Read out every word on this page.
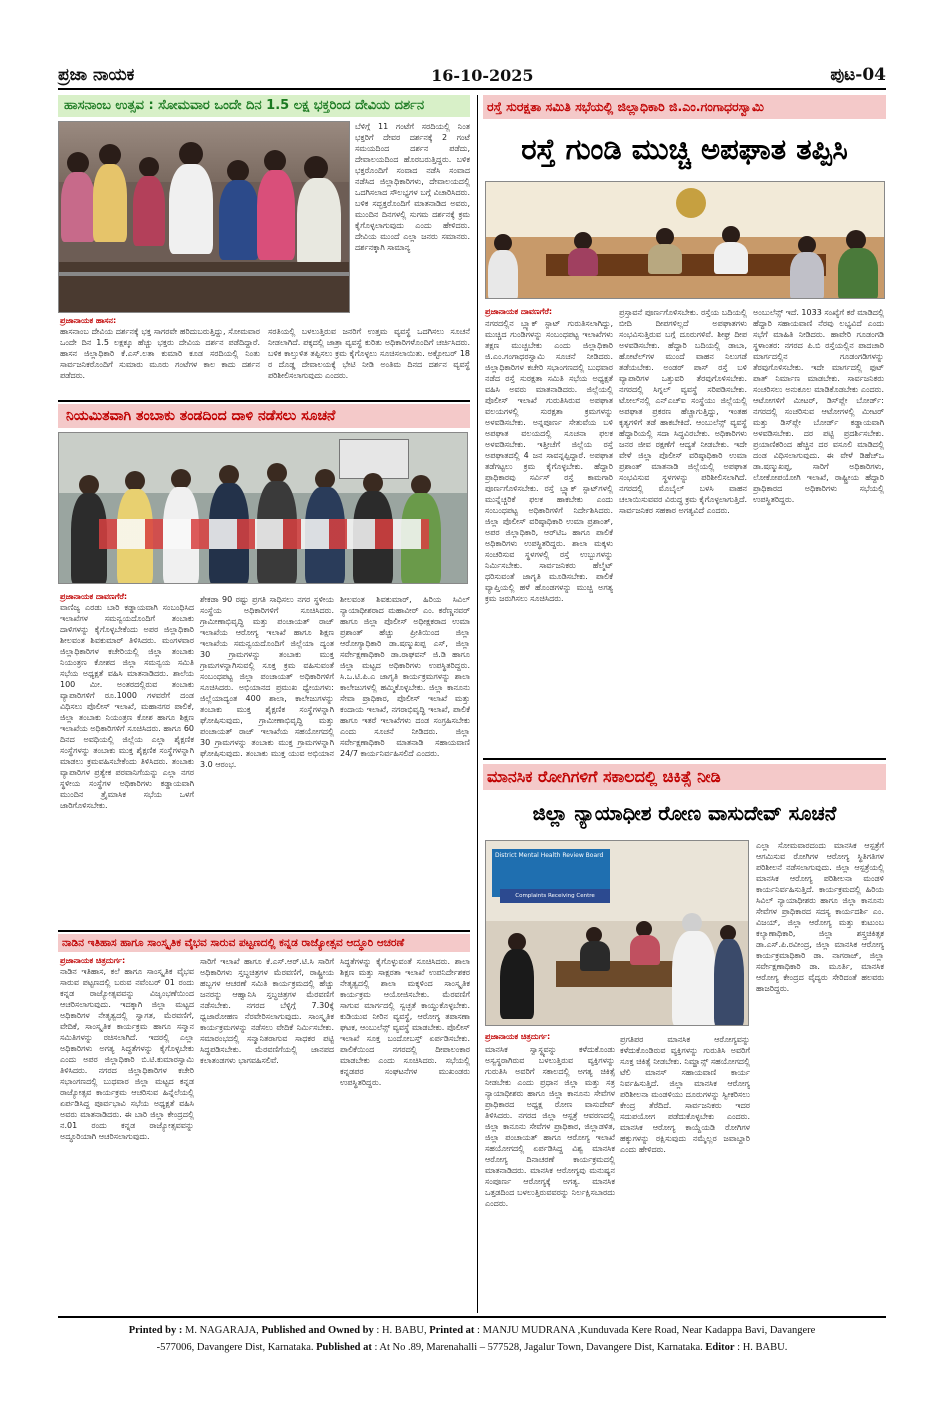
ಪ್ರಜಾ ನಾಯಕ	16-10-2025	ಪುಟ-04
ಹಾಸನಾಂಬ ಉತ್ಸವ : ಸೋಮವಾರ ಒಂದೇ ದಿನ 1.5 ಲಕ್ಷ ಭಕ್ತರಿಂದ ದೇವಿಯ ದರ್ಶನ
ಬೆಳಿಗ್ಗೆ 11 ಗಂಟೆಗೆ ಸರದಿಯಲ್ಲಿ ನಿಂತ ಭಕ್ತರಿಗೆ ದೇವರ ದರ್ಶನಕ್ಕೆ 2 ಗಂಟೆ ಸಮಯದಿಂದ ದರ್ಶನ ಪಡೆದು, ದೇವಾಲಯದಿಂದ ಹೊರಬರುತ್ತಿದ್ದರು. ಬಳಿಕ ಭಕ್ತರೊಂದಿಗೆ ಸಂವಾದ ನಡೆಸಿ ಸಂವಾದ ನಡೆಸಿದ ಜಿಲ್ಲಾಧಿಕಾರಿಗಳು, ದೇವಾಲಯದಲ್ಲಿ ಒದಗಿಸಲಾದ ಸೌಲಭ್ಯಗಳ ಬಗ್ಗೆ ವಿಚಾರಿಸಿದರು. ಬಳಿಕ ಸದ್ಭಕ್ತರೊಂದಿಗೆ ಮಾತನಾಡಿದ ಅವರು, ಮುಂದಿನ ದಿನಗಳಲ್ಲಿ ಸುಗಮ ದರ್ಶನಕ್ಕೆ ಕ್ರಮ ಕೈಗೊಳ್ಳಲಾಗುವುದು ಎಂದು ಹೇಳಿದರು. ದೇವಿಯ ಮುಂದೆ ಎಲ್ಲಾ ಜನರು ಸಮಾನರು. ದರ್ಶನಕ್ಕಾಗಿ ಸಾಮಾನ್ಯ
ಪ್ರಜಾನಾಯಕ ಹಾಸನ:
ಹಾಸನಾಂಬ ದೇವಿಯ ದರ್ಶನಕ್ಕೆ ಭಕ್ತ ಸಾಗರವೇ ಹರಿದುಬರುತ್ತಿದ್ದು, ಸೋಮವಾರ ಒಂದೇ ದಿನ 1.5 ಲಕ್ಷಕ್ಕೂ ಹೆಚ್ಚು ಭಕ್ತರು ದೇವಿಯ ದರ್ಶನ ಪಡೆದಿದ್ದಾರೆ. ಹಾಸನ ಜಿಲ್ಲಾಧಿಕಾರಿ ಕೆ.ಎಸ್.ಲತಾ ಕುಮಾರಿ ಕೂಡ ಸರದಿಯಲ್ಲಿ ನಿಂತು ಸಾರ್ವಜನಿಕರೊಂದಿಗೆ ಸುಮಾರು ಮೂರು ಗಂಟೆಗಳ ಕಾಲ ಕಾದು ದರ್ಶನ ಪಡೆದರು.
ಸರತಿಯಲ್ಲಿ ಬಳಲುತ್ತಿರುವ ಜನರಿಗೆ ಉತ್ತಮ ವ್ಯವಸ್ಥೆ ಒದಗಿಸಲು ಸೂಚನೆ ನೀಡಲಾಗಿದೆ. ಪಕ್ಕದಲ್ಲಿ ಜಾತ್ರಾ ವ್ಯವಸ್ಥೆ ಕುರಿತು ಅಧಿಕಾರಿಗಳೊಂದಿಗೆ ಚರ್ಚಿಸಿದರು. ಬಳಿಕ ಕಾಲ್ತುಳಿತ ತಪ್ಪಿಸಲು ಕ್ರಮ ಕೈಗೊಳ್ಳಲು ಸೂಚಿಸಲಾಯಿತು. ಅಕ್ಟೋಬರ್ 18 ರ ದೊಡ್ಡ ದೇವಾಲಯಕ್ಕೆ ಭೇಟಿ ನೀಡಿ ಅಂತಿಮ ದಿನದ ದರ್ಶನ ವ್ಯವಸ್ಥೆ ಪರಿಶೀಲಿಸಲಾಗುವುದು ಎಂದರು.
ನಿಯಮಿತವಾಗಿ ತಂಬಾಕು ತಂಡದಿಂದ ದಾಳಿ ನಡೆಸಲು ಸೂಚನೆ
ಪ್ರಜಾನಾಯಕ ದಾವಣಗೆರೆ:
ವಾಣಿಜ್ಯ ಎರಡು ಬಾರಿ ಕಡ್ಡಾಯವಾಗಿ ಸಂಬಂಧಿಸಿದ ಇಲಾಖೆಗಳ ಸಮನ್ವಯದೊಂದಿಗೆ ತಂಬಾಕು ದಾಳಿಗಳನ್ನು ಕೈಗೊಳ್ಳಬೇಕೆಂದು ಅಪರ ಜಿಲ್ಲಾಧಿಕಾರಿ ಶೀಲವಂತ ಶಿವಕುಮಾರ್ ತಿಳಿಸಿದರು. ಮಂಗಳವಾರ ಜಿಲ್ಲಾಧಿಕಾರಿಗಳ ಕಚೇರಿಯಲ್ಲಿ ಜಿಲ್ಲಾ ತಂಬಾಕು ನಿಯಂತ್ರಣ ಕೋಶದ ಜಿಲ್ಲಾ ಸಮನ್ವಯ ಸಮಿತಿ ಸಭೆಯ ಅಧ್ಯಕ್ಷತೆ ವಹಿಸಿ ಮಾತನಾಡಿದರು. ಶಾಲೆಯ 100 ಮೀ. ಅಂತರದಲ್ಲಿರುವ ತಂಬಾಕು ವ್ಯಾಪಾರಿಗಳಿಗೆ ರೂ.1000 ಗಳವರೆಗೆ ದಂಡ ವಿಧಿಸಲು ಪೊಲೀಸ್ ಇಲಾಖೆ, ಮಹಾನಗರ ಪಾಲಿಕೆ, ಜಿಲ್ಲಾ ತಂಬಾಕು ನಿಯಂತ್ರಣ ಕೋಶ ಹಾಗೂ ಶಿಕ್ಷಣ ಇಲಾಖೆಯ ಅಧಿಕಾರಿಗಳಿಗೆ ಸೂಚಿಸಿದರು. ಹಾಗೂ 60 ದಿನದ ಅವಧಿಯಲ್ಲಿ ಜಿಲ್ಲೆಯ ಎಲ್ಲಾ ಶೈಕ್ಷಣಿಕ ಸಂಸ್ಥೆಗಳನ್ನು ತಂಬಾಕು ಮುಕ್ತ ಶೈಕ್ಷಣಿಕ ಸಂಸ್ಥೆಗಳನ್ನಾಗಿ ಮಾಡಲು ಕ್ರಮವಹಿಸಬೇಕೆಂದು ತಿಳಿಸಿದರು. ತಂಬಾಕು ವ್ಯಾಪಾರಿಗಳ ಪ್ರತ್ಯೇಕ ಪರವಾನಿಗೆಯನ್ನು ಎಲ್ಲಾ ನಗರ ಸ್ಥಳೀಯ ಸಂಸ್ಥೆಗಳ ಅಧಿಕಾರಿಗಳು ಕಡ್ಡಾಯವಾಗಿ ಮುಂದಿನ ತ್ರೈಮಾಸಿಕ ಸಭೆಯ ಒಳಗೆ ಜಾರಿಗೊಳಿಸಬೇಕು.
ಶೇಕಡಾ 90 ರಷ್ಟು ಪ್ರಗತಿ ಸಾಧಿಸಲು ನಗರ ಸ್ಥಳೀಯ ಸಂಸ್ಥೆಯ ಅಧಿಕಾರಿಗಳಿಗೆ ಸೂಚಿಸಿದರು. ಗ್ರಾಮೀಣಾಭಿವೃದ್ಧಿ ಮತ್ತು ಪಂಚಾಯತ್ ರಾಜ್ ಇಲಾಖೆಯ ಆರೋಗ್ಯ ಇಲಾಖೆ ಹಾಗೂ ಶಿಕ್ಷಣ ಇಲಾಖೆಯ ಸಮನ್ವಯದೊಂದಿಗೆ ಜಿಲ್ಲೆಯಾ ದ್ಯಂತ 30 ಗ್ರಾಮಗಳನ್ನು ತಂಬಾಕು ಮುಕ್ತ ಗ್ರಾಮಗಳನ್ನಾಗಿಸುವಲ್ಲಿ ಸೂಕ್ತ ಕ್ರಮ ವಹಿಸುವಂತೆ ಸಂಬಂಧಪಟ್ಟ ಜಿಲ್ಲಾ ಪಂಚಾಯತ್ ಅಧಿಕಾರಿಗಳಿಗೆ ಸೂಚಿಸಿದರು. ಅಭಿಯಾನದ ಪ್ರಮುಖ ಧ್ಯೇಯಗಳು: ಜಿಲ್ಲೆಯಾದ್ಯಂತ 400 ಶಾಲಾ, ಕಾಲೇಜುಗಳನ್ನು ತಂಬಾಕು ಮುಕ್ತ ಶೈಕ್ಷಣಿಕ ಸಂಸ್ಥೆಗಳನ್ನಾಗಿ ಘೋಷಿಸುವುದು, ಗ್ರಾಮೀಣಾಭಿವೃದ್ಧಿ ಮತ್ತು ಪಂಚಾಯತ್ ರಾಜ್ ಇಲಾಖೆಯ ಸಹಯೋಗದಲ್ಲಿ 30 ಗ್ರಾಮಗಳನ್ನು ತಂಬಾಕು ಮುಕ್ತ ಗ್ರಾಮಗಳನ್ನಾಗಿ ಘೋಷಿಸುವುದು. ತಂಬಾಕು ಮುಕ್ತ ಯುವ ಅಭಿಯಾನ 3.0 ಆರಂಭ.
ಶೀಲವಂತ ಶಿವಕುಮಾರ್, ಹಿರಿಯ ಸಿವಿಲ್ ನ್ಯಾಯಾಧೀಶರಾದ ಮಹಾವೀರ್ ಎಂ. ಕರೆಣ್ಣನವರ್ ಹಾಗೂ ಜಿಲ್ಲಾ ಪೊಲೀಸ್ ಅಧೀಕ್ಷಕರಾದ ಉಮಾ ಪ್ರಶಾಂತ್ ಹೆಚ್ಚು ಪ್ರೀತಿಯಿಂದ ಜಿಲ್ಲಾ ಆರೋಗ್ಯಾಧಿಕಾರಿ ಡಾ.ಷಣ್ಮುಖಪ್ಪ ಎಸ್, ಜಿಲ್ಲಾ ಸರ್ವೇಕ್ಷಣಾಧಿಕಾರಿ ಡಾ.ರಾಘವನ್ ಜಿ.ಡಿ ಹಾಗೂ ಜಿಲ್ಲಾ ಮಟ್ಟದ ಅಧಿಕಾರಿಗಳು ಉಪಸ್ಥಿತರಿದ್ದರು. ಸಿ.ಒ.ಟಿ.ಪಿ.ಎ ಜಾಗೃತಿ ಕಾರ್ಯಕ್ರಮಗಳನ್ನು ಶಾಲಾ ಕಾಲೇಜುಗಳಲ್ಲಿ ಹಮ್ಮಿಕೊಳ್ಳಬೇಕು. ಜಿಲ್ಲಾ ಕಾನೂನು ಸೇವಾ ಪ್ರಾಧಿಕಾರ, ಪೊಲೀಸ್ ಇಲಾಖೆ ಮತ್ತು ಕಂದಾಯ ಇಲಾಖೆ, ನಗರಾಭಿವೃದ್ಧಿ ಇಲಾಖೆ, ಪಾಲಿಕೆ ಹಾಗೂ ಇತರೆ ಇಲಾಖೆಗಳು ದಂಡ ಸಂಗ್ರಹಿಸಬೇಕು ಎಂದು ಸೂಚನೆ ನೀಡಿದರು. ಜಿಲ್ಲಾ ಸರ್ವೇಕ್ಷಣಾಧಿಕಾರಿ ಮಾತನಾಡಿ ಸಹಾಯವಾಣಿ 24/7 ಕಾರ್ಯನಿರ್ವಹಿಸಲಿದೆ ಎಂದರು.
ನಾಡಿನ ಇತಿಹಾಸ ಹಾಗೂ ಸಾಂಸ್ಕೃತಿಕ ವೈಭವ ಸಾರುವ ಪಟ್ಟಣದಲ್ಲಿ ಕನ್ನಡ ರಾಜ್ಯೋತ್ಸವ ಆದ್ಧೂರಿ ಆಚರಣೆ
ಪ್ರಜಾನಾಯಕ ಚಿತ್ರದುರ್ಗ:
ನಾಡಿನ ಇತಿಹಾಸ, ಕಲೆ ಹಾಗೂ ಸಾಂಸ್ಕೃತಿಕ ವೈಭವ ಸಾರುವ ಪಟ್ಟಣದಲ್ಲಿ ಬರುವ ನವೆಂಬರ್ 01 ರಂದು ಕನ್ನಡ ರಾಜ್ಯೋತ್ಸವವನ್ನು ವಿಜೃಂಭಣೆಯಿಂದ ಆಚರಿಸಲಾಗುವುದು. ಇದಕ್ಕಾಗಿ ಜಿಲ್ಲಾ ಮಟ್ಟದ ಅಧಿಕಾರಿಗಳ ನೇತೃತ್ವದಲ್ಲಿ ಸ್ವಾಗತ, ಮೆರವಣಿಗೆ, ವೇದಿಕೆ, ಸಾಂಸ್ಕೃತಿಕ ಕಾರ್ಯಕ್ರಮ ಹಾಗೂ ಸನ್ಮಾನ ಸಮಿತಿಗಳನ್ನು ರಚಿಸಲಾಗಿದೆ. ಇದರಲ್ಲಿ ಎಲ್ಲಾ ಅಧಿಕಾರಿಗಳು ಅಗತ್ಯ ಸಿದ್ಧತೆಗಳನ್ನು ಕೈಗೊಳ್ಳಬೇಕು ಎಂದು ಅಪರ ಜಿಲ್ಲಾಧಿಕಾರಿ ಬಿ.ಟಿ.ಕುಮಾರಸ್ವಾಮಿ ತಿಳಿಸಿದರು. ನಗರದ ಜಿಲ್ಲಾಧಿಕಾರಿಗಳ ಕಚೇರಿ ಸಭಾಂಗಣದಲ್ಲಿ ಬುಧವಾರ ಜಿಲ್ಲಾ ಮಟ್ಟದ ಕನ್ನಡ ರಾಜ್ಯೋತ್ಸವ ಕಾರ್ಯಕ್ರಮ ಆಚರಿಸುವ ಹಿನ್ನೆಲೆಯಲ್ಲಿ ಏರ್ಪಡಿಸಿದ್ದ ಪೂರ್ವಭಾವಿ ಸಭೆಯ ಅಧ್ಯಕ್ಷತೆ ವಹಿಸಿ ಅವರು ಮಾತನಾಡಿದರು. ಈ ಬಾರಿ ಜಿಲ್ಲಾ ಕೇಂದ್ರದಲ್ಲಿ ನ.01 ರಂದು ಕನ್ನಡ ರಾಜ್ಯೋತ್ಸವವನ್ನು ಅದ್ಧೂರಿಯಾಗಿ ಆಚರಿಸಲಾಗುವುದು.
ಸಾರಿಗೆ ಇಲಾಖೆ ಹಾಗೂ ಕೆ.ಎಸ್.ಆರ್.ಟಿ.ಸಿ ಸಾರಿಗೆ ಅಧಿಕಾರಿಗಳು ಸ್ತಬ್ಧಚಿತ್ರಗಳ ಮೆರವಣಿಗೆ, ರಾಷ್ಟ್ರೀಯ ಹಬ್ಬಗಳ ಆಚರಣೆ ಸಮಿತಿ ಕಾರ್ಯಕ್ರಮದಲ್ಲಿ ಹೆಚ್ಚು ಜನರನ್ನು ಆಹ್ವಾನಿಸಿ ಸ್ತಬ್ಧಚಿತ್ರಗಳ ಮೆರವಣಿಗೆ ನಡೆಸಬೇಕು. ನಗರದ ಬೆಳ್ಳಿಗ್ಗೆ 7.30ಕ್ಕೆ ಧ್ವಜಾರೋಹಣ ನೆರವೇರಿಸಲಾಗುವುದು. ಸಾಂಸ್ಕೃತಿಕ ಕಾರ್ಯಕ್ರಮಗಳನ್ನು ನಡೆಸಲು ವೇದಿಕೆ ನಿರ್ಮಿಸಬೇಕು. ಸಮಾರಂಭದಲ್ಲಿ ಸನ್ಮಾನಿತರಾಗುವ ಸಾಧಕರ ಪಟ್ಟಿ ಸಿದ್ಧಪಡಿಸಬೇಕು. ಮೆರವಣಿಗೆಯಲ್ಲಿ ಜಾನಪದ ಕಲಾತಂಡಗಳು ಭಾಗವಹಿಸಲಿವೆ.
ಸಿದ್ಧತೆಗಳನ್ನು ಕೈಗೊಳ್ಳುವಂತೆ ಸೂಚಿಸಿದರು. ಶಾಲಾ ಶಿಕ್ಷಣ ಮತ್ತು ಸಾಕ್ಷರತಾ ಇಲಾಖೆ ಉಪನಿರ್ದೇಶಕರ ನೇತೃತ್ವದಲ್ಲಿ ಶಾಲಾ ಮಕ್ಕಳಿಂದ ಸಾಂಸ್ಕೃತಿಕ ಕಾರ್ಯಕ್ರಮ ಆಯೋಜಿಸಬೇಕು. ಮೆರವಣಿಗೆ ಸಾಗುವ ಮಾರ್ಗದಲ್ಲಿ ಸ್ವಚ್ಛತೆ ಕಾಯ್ದುಕೊಳ್ಳಬೇಕು. ಕುಡಿಯುವ ನೀರಿನ ವ್ಯವಸ್ಥೆ, ಆರೋಗ್ಯ ತಪಾಸಣಾ ಘಟಕ, ಆಂಬುಲೆನ್ಸ್ ವ್ಯವಸ್ಥೆ ಮಾಡಬೇಕು. ಪೊಲೀಸ್ ಇಲಾಖೆ ಸೂಕ್ತ ಬಂದೋಬಸ್ತ್ ಏರ್ಪಡಿಸಬೇಕು. ಪಾಲಿಕೆಯಿಂದ ನಗರದಲ್ಲಿ ದೀಪಾಲಂಕಾರ ಮಾಡಬೇಕು ಎಂದು ಸೂಚಿಸಿದರು. ಸಭೆಯಲ್ಲಿ ಕನ್ನಡಪರ ಸಂಘಟನೆಗಳ ಮುಖಂಡರು ಉಪಸ್ಥಿತರಿದ್ದರು.
ರಸ್ತೆ ಸುರಕ್ಷತಾ ಸಮಿತಿ ಸಭೆಯಲ್ಲಿ ಜಿಲ್ಲಾಧಿಕಾರಿ ಜಿ.ಎಂ.ಗಂಗಾಧರಸ್ವಾಮಿ
ರಸ್ತೆ ಗುಂಡಿ ಮುಚ್ಚಿ ಅಪಘಾತ ತಪ್ಪಿಸಿ
ಪ್ರಜಾನಾಯಕ ದಾವಣಗೆರೆ:
ನಗರದಲ್ಲಿನ ಬ್ಲ್ಯಾಕ್ ಸ್ಪಾಟ್ ಗುರುತಿಸಲಾಗಿದ್ದು, ಮುಚ್ಚಿದ ಗುಂಡಿಗಳನ್ನು ಸಂಬಂಧಪಟ್ಟ ಇಲಾಖೆಗಳು ತಕ್ಷಣ ಮುಚ್ಚಬೇಕು ಎಂದು ಜಿಲ್ಲಾಧಿಕಾರಿ ಜಿ.ಎಂ.ಗಂಗಾಧರಸ್ವಾಮಿ ಸೂಚನೆ ನೀಡಿದರು. ಜಿಲ್ಲಾಧಿಕಾರಿಗಳ ಕಚೇರಿ ಸಭಾಂಗಣದಲ್ಲಿ ಬುಧವಾರ ನಡೆದ ರಸ್ತೆ ಸುರಕ್ಷತಾ ಸಮಿತಿ ಸಭೆಯ ಅಧ್ಯಕ್ಷತೆ ವಹಿಸಿ ಅವರು ಮಾತನಾಡಿದರು. ಜಿಲ್ಲೆಯಲ್ಲಿ ಪೊಲೀಸ್ ಇಲಾಖೆ ಗುರುತಿಸಿರುವ ಅಪಘಾತ ವಲಯಗಳಲ್ಲಿ ಸುರಕ್ಷತಾ ಕ್ರಮಗಳನ್ನು ಅಳವಡಿಸಬೇಕು. ಅನ್ನಪೂರ್ಣ ಸೇತುವೆಯ ಬಳಿ ಅಪಘಾತ ವಲಯದಲ್ಲಿ ಸೂಚನಾ ಫಲಕ ಅಳವಡಿಸಬೇಕು. ಇತ್ತೀಚೆಗೆ ಜಿಲ್ಲೆಯ ರಸ್ತೆ ಅಪಘಾತದಲ್ಲಿ 4 ಜನ ಸಾವನ್ನಪ್ಪಿದ್ದಾರೆ. ಅಪಘಾತ ತಡೆಗಟ್ಟಲು ಕ್ರಮ ಕೈಗೊಳ್ಳಬೇಕು. ಹೆದ್ದಾರಿ ಪ್ರಾಧಿಕಾರವು ಸರ್ವಿಸ್ ರಸ್ತೆ ಕಾಮಗಾರಿ ಪೂರ್ಣಗೊಳಿಸಬೇಕು. ರಸ್ತೆ ಬ್ಲ್ಯಾಕ್ ಸ್ಪಾಟ್‌ಗಳಲ್ಲಿ ಮುನ್ನೆಚ್ಚರಿಕೆ ಫಲಕ ಹಾಕಬೇಕು ಎಂದು ಸಂಬಂಧಪಟ್ಟ ಅಧಿಕಾರಿಗಳಿಗೆ ನಿರ್ದೇಶಿಸಿದರು. ಜಿಲ್ಲಾ ಪೊಲೀಸ್ ವರಿಷ್ಠಾಧಿಕಾರಿ ಉಮಾ ಪ್ರಶಾಂತ್, ಅಪರ ಜಿಲ್ಲಾಧಿಕಾರಿ, ಆರ್‌ಟಿಒ ಹಾಗೂ ಪಾಲಿಕೆ ಅಧಿಕಾರಿಗಳು ಉಪಸ್ಥಿತರಿದ್ದರು. ಶಾಲಾ ಮಕ್ಕಳು ಸಂಚರಿಸುವ ಸ್ಥಳಗಳಲ್ಲಿ ರಸ್ತೆ ಉಬ್ಬುಗಳನ್ನು ನಿರ್ಮಿಸಬೇಕು. ಸಾರ್ವಜನಿಕರು ಹೆಲ್ಮೆಟ್ ಧರಿಸುವಂತೆ ಜಾಗೃತಿ ಮೂಡಿಸಬೇಕು. ಪಾಲಿಕೆ ವ್ಯಾಪ್ತಿಯಲ್ಲಿ ಹಳೆ ಹೊಂಡಗಳನ್ನು ಮುಚ್ಚಿ ಅಗತ್ಯ ಕ್ರಮ ಜರುಗಿಸಲು ಸೂಚಿಸಿದರು.
ಪ್ರಸ್ತಾವನೆ ಪೂರ್ಣಗೊಳಿಸಬೇಕು. ರಸ್ತೆಯ ಬದಿಯಲ್ಲಿ ಬೀದಿ ದೀಪಗಳಿಲ್ಲದೆ ಅಪಘಾತಗಳು ಸಂಭವಿಸುತ್ತಿರುವ ಬಗ್ಗೆ ದೂರುಗಳಿವೆ. ಶೀಘ್ರ ದೀಪ ಅಳವಡಿಸಬೇಕು. ಹೆದ್ದಾರಿ ಬದಿಯಲ್ಲಿ ಡಾಬಾ, ಹೋಟೆಲ್‌ಗಳ ಮುಂದೆ ವಾಹನ ನಿಲುಗಡೆ ತಡೆಯಬೇಕು. ಅಂಡರ್ ಪಾಸ್ ರಸ್ತೆ ಬಳಿ ವ್ಯಾಪಾರಿಗಳ ಒತ್ತುವರಿ ತೆರವುಗೊಳಿಸಬೇಕು. ನಗರದಲ್ಲಿ ಸಿಗ್ನಲ್ ವ್ಯವಸ್ಥೆ ಸರಿಪಡಿಸಬೇಕು. ಟೋಲ್‌ನಲ್ಲಿ ಎನ್‌ಎಚ್ಐ ಸಂಸ್ಥೆಯು ಜಿಲ್ಲೆಯಲ್ಲಿ ಅಪಘಾತ ಪ್ರಕರಣ ಹೆಚ್ಚಾಗುತ್ತಿದ್ದು, ಇಂತಹ ಕೃತ್ಯಗಳಿಗೆ ತಡೆ ಹಾಕಬೇಕಿದೆ. ಆಂಬುಲೆನ್ಸ್ ವ್ಯವಸ್ಥೆ ಹೆದ್ದಾರಿಯಲ್ಲಿ ಸದಾ ಸಿದ್ಧವಿರಬೇಕು. ಅಧಿಕಾರಿಗಳು ಜನರ ಜೀವ ರಕ್ಷಣೆಗೆ ಆದ್ಯತೆ ನೀಡಬೇಕು. ಇದೇ ವೇಳೆ ಜಿಲ್ಲಾ ಪೊಲೀಸ್ ವರಿಷ್ಠಾಧಿಕಾರಿ ಉಮಾ ಪ್ರಶಾಂತ್ ಮಾತನಾಡಿ ಜಿಲ್ಲೆಯಲ್ಲಿ ಅಪಘಾತ ಸಂಭವಿಸುವ ಸ್ಥಳಗಳನ್ನು ಪರಿಶೀಲಿಸಲಾಗಿದೆ. ನಗರದಲ್ಲಿ ಮೊಬೈಲ್ ಬಳಸಿ ವಾಹನ ಚಲಾಯಿಸುವವರ ವಿರುದ್ಧ ಕ್ರಮ ಕೈಗೊಳ್ಳಲಾಗುತ್ತಿದೆ. ಸಾರ್ವಜನಿಕರ ಸಹಕಾರ ಅಗತ್ಯವಿದೆ ಎಂದರು.
ಅಂಬುಲೆನ್ಸ್ ಇದೆ. 1033 ಸಂಖ್ಯೆಗೆ ಕರೆ ಮಾಡಿದಲ್ಲಿ ಹೆದ್ದಾರಿ ಸಹಾಯವಾಣಿ ನೆರವು ಲಭ್ಯವಿದೆ ಎಂದು ಸಭೆಗೆ ಮಾಹಿತಿ ನೀಡಿದರು. ಹಾವೇರಿ ಗೂಡಂಗಡಿ ಸ್ಥಳಾಂತರ: ನಗರದ ಪಿ.ಬಿ ರಸ್ತೆಯಲ್ಲಿನ ಪಾದಚಾರಿ ಮಾರ್ಗದಲ್ಲಿನ ಗೂಡಂಗಡಿಗಳನ್ನು ತೆರವುಗೊಳಿಸಬೇಕು. ಇದೇ ಮಾರ್ಗದಲ್ಲಿ ಫುಟ್ ಪಾತ್ ನಿರ್ಮಾಣ ಮಾಡಬೇಕು. ಸಾರ್ವಜನಿಕರು ಸಂಚರಿಸಲು ಅನುಕೂಲ ಮಾಡಿಕೊಡಬೇಕು ಎಂದರು. ಆಟೋಗಳಿಗೆ ಮೀಟರ್, ಡಿಸ್‌ಪ್ಲೇ ಬೋರ್ಡ್: ನಗರದಲ್ಲಿ ಸಂಚರಿಸುವ ಆಟೋಗಳಲ್ಲಿ ಮೀಟರ್ ಮತ್ತು ಡಿಸ್‌ಪ್ಲೇ ಬೋರ್ಡ್ ಕಡ್ಡಾಯವಾಗಿ ಅಳವಡಿಸಬೇಕು. ದರ ಪಟ್ಟಿ ಪ್ರದರ್ಶಿಸಬೇಕು. ಪ್ರಯಾಣಿಕರಿಂದ ಹೆಚ್ಚಿನ ದರ ವಸೂಲಿ ಮಾಡಿದಲ್ಲಿ ದಂಡ ವಿಧಿಸಲಾಗುವುದು. ಈ ವೇಳೆ ಡಿಹೆಚ್ಒ ಡಾ.ಷಣ್ಮುಖಪ್ಪ, ಸಾರಿಗೆ ಅಧಿಕಾರಿಗಳು, ಲೋಕೋಪಯೋಗಿ ಇಲಾಖೆ, ರಾಷ್ಟ್ರೀಯ ಹೆದ್ದಾರಿ ಪ್ರಾಧಿಕಾರದ ಅಧಿಕಾರಿಗಳು ಸಭೆಯಲ್ಲಿ ಉಪಸ್ಥಿತರಿದ್ದರು.
ಮಾನಸಿಕ ರೋಗಿಗಳಿಗೆ ಸಕಾಲದಲ್ಲಿ ಚಿಕಿತ್ಸೆ ನೀಡಿ
ಜಿಲ್ಲಾ ನ್ಯಾಯಾಧೀಶ ರೋಣ ವಾಸುದೇವ್ ಸೂಚನೆ
District Mental Health Review Board
Complaints Receiving Centre
ಎಲ್ಲಾ ಸೋಮವಾರದಂದು ಮಾನಸಿಕ ಆಸ್ಪತ್ರೆಗೆ ಆಗಮಿಸುವ ರೋಗಿಗಳ ಆರೋಗ್ಯ ಸ್ಥಿತಿಗತಿಗಳ ಪರಿಶೀಲನೆ ನಡೆಸಲಾಗುವುದು. ಜಿಲ್ಲಾ ಆಸ್ಪತ್ರೆಯಲ್ಲಿ ಮಾನಸಿಕ ಆರೋಗ್ಯ ಪರಿಶೀಲನಾ ಮಂಡಳಿ ಕಾರ್ಯನಿರ್ವಹಿಸುತ್ತಿದೆ. ಕಾರ್ಯಕ್ರಮದಲ್ಲಿ ಹಿರಿಯ ಸಿವಿಲ್ ನ್ಯಾಯಾಧೀಶರು ಹಾಗೂ ಜಿಲ್ಲಾ ಕಾನೂನು ಸೇವೆಗಳ ಪ್ರಾಧಿಕಾರದ ಸದಸ್ಯ ಕಾರ್ಯದರ್ಶಿ ಎಂ. ವಿಜಯ್, ಜಿಲ್ಲಾ ಆರೋಗ್ಯ ಮತ್ತು ಕುಟುಂಬ ಕಲ್ಯಾಣಾಧಿಕಾರಿ, ಜಿಲ್ಲಾ ಶಸ್ತ್ರಚಿಕಿತ್ಸಕ ಡಾ.ಎಸ್.ಪಿ.ರವೀಂದ್ರ, ಜಿಲ್ಲಾ ಮಾನಸಿಕ ಆರೋಗ್ಯ ಕಾರ್ಯಕ್ರಮಾಧಿಕಾರಿ ಡಾ. ನಾಗರಾಜ್, ಜಿಲ್ಲಾ ಸರ್ವೇಕ್ಷಣಾಧಿಕಾರಿ ಡಾ. ಮೂರ್ತಿ, ಮಾನಸಿಕ ಆರೋಗ್ಯ ಕೇಂದ್ರದ ವೈದ್ಯರು ಸೇರಿದಂತೆ ಹಲವರು ಹಾಜರಿದ್ದರು.
ಪ್ರಜಾನಾಯಕ ಚಿತ್ರದುರ್ಗ:
ಮಾನಸಿಕ ಸ್ವಾಸ್ಥ್ಯವನ್ನು ಕಳೆದುಕೊಂಡು ಅಸ್ವಸ್ಥರಾಗಿರುವ ಬಳಲುತ್ತಿರುವ ವ್ಯಕ್ತಿಗಳನ್ನು ಗುರುತಿಸಿ ಅವರಿಗೆ ಸಕಾಲದಲ್ಲಿ ಅಗತ್ಯ ಚಿಕಿತ್ಸೆ ನೀಡಬೇಕು ಎಂದು ಪ್ರಧಾನ ಜಿಲ್ಲಾ ಮತ್ತು ಸತ್ರ ನ್ಯಾಯಾಧೀಶರು ಹಾಗೂ ಜಿಲ್ಲಾ ಕಾನೂನು ಸೇವೆಗಳ ಪ್ರಾಧಿಕಾರದ ಅಧ್ಯಕ್ಷ ರೋಣ ವಾಸುದೇವ್ ತಿಳಿಸಿದರು. ನಗರದ ಜಿಲ್ಲಾ ಆಸ್ಪತ್ರೆ ಆವರಣದಲ್ಲಿ ಜಿಲ್ಲಾ ಕಾನೂನು ಸೇವೆಗಳ ಪ್ರಾಧಿಕಾರ, ಜಿಲ್ಲಾಡಳಿತ, ಜಿಲ್ಲಾ ಪಂಚಾಯತ್ ಹಾಗೂ ಆರೋಗ್ಯ ಇಲಾಖೆ ಸಹಯೋಗದಲ್ಲಿ ಏರ್ಪಡಿಸಿದ್ದ ವಿಶ್ವ ಮಾನಸಿಕ ಆರೋಗ್ಯ ದಿನಾಚರಣೆ ಕಾರ್ಯಕ್ರಮದಲ್ಲಿ ಮಾತನಾಡಿದರು. ಮಾನಸಿಕ ಆರೋಗ್ಯವು ಮನುಷ್ಯನ ಸಂಪೂರ್ಣ ಆರೋಗ್ಯಕ್ಕೆ ಅಗತ್ಯ. ಮಾನಸಿಕ ಒತ್ತಡದಿಂದ ಬಳಲುತ್ತಿರುವವರನ್ನು ನಿರ್ಲಕ್ಷಿಸಬಾರದು ಎಂದರು.
ಪ್ರಗತಿಪರ ಮಾನಸಿಕ ಆರೋಗ್ಯವನ್ನು ಕಳೆದುಕೊಂಡಿರುವ ವ್ಯಕ್ತಿಗಳನ್ನು ಗುರುತಿಸಿ ಅವರಿಗೆ ಸೂಕ್ತ ಚಿಕಿತ್ಸೆ ನೀಡಬೇಕು. ನಿಮ್ಹಾನ್ಸ್ ಸಹಯೋಗದಲ್ಲಿ ಟೆಲಿ ಮಾನಸ್ ಸಹಾಯವಾಣಿ ಕಾರ್ಯ ನಿರ್ವಹಿಸುತ್ತಿದೆ. ಜಿಲ್ಲಾ ಮಾನಸಿಕ ಆರೋಗ್ಯ ಪರಿಶೀಲನಾ ಮಂಡಳಿಯು ದೂರುಗಳನ್ನು ಸ್ವೀಕರಿಸಲು ಕೇಂದ್ರ ತೆರೆದಿದೆ. ಸಾರ್ವಜನಿಕರು ಇದರ ಸದುಪಯೋಗ ಪಡೆದುಕೊಳ್ಳಬೇಕು ಎಂದರು. ಮಾನಸಿಕ ಆರೋಗ್ಯ ಕಾಯ್ದೆಯಡಿ ರೋಗಿಗಳ ಹಕ್ಕುಗಳನ್ನು ರಕ್ಷಿಸುವುದು ನಮ್ಮೆಲ್ಲರ ಜವಾಬ್ದಾರಿ ಎಂದು ಹೇಳಿದರು.
Printed by : M. NAGARAJA, Published and Owned by : H. BABU, Printed at : MANJU MUDRANA ,Kunduvada Kere Road, Near Kadappa Bavi, Davangere
-577006, Davangere Dist, Karnataka. Published at : At No .89, Marenahalli – 577528, Jagalur Town, Davangere Dist, Karnataka. Editor : H. BABU.
